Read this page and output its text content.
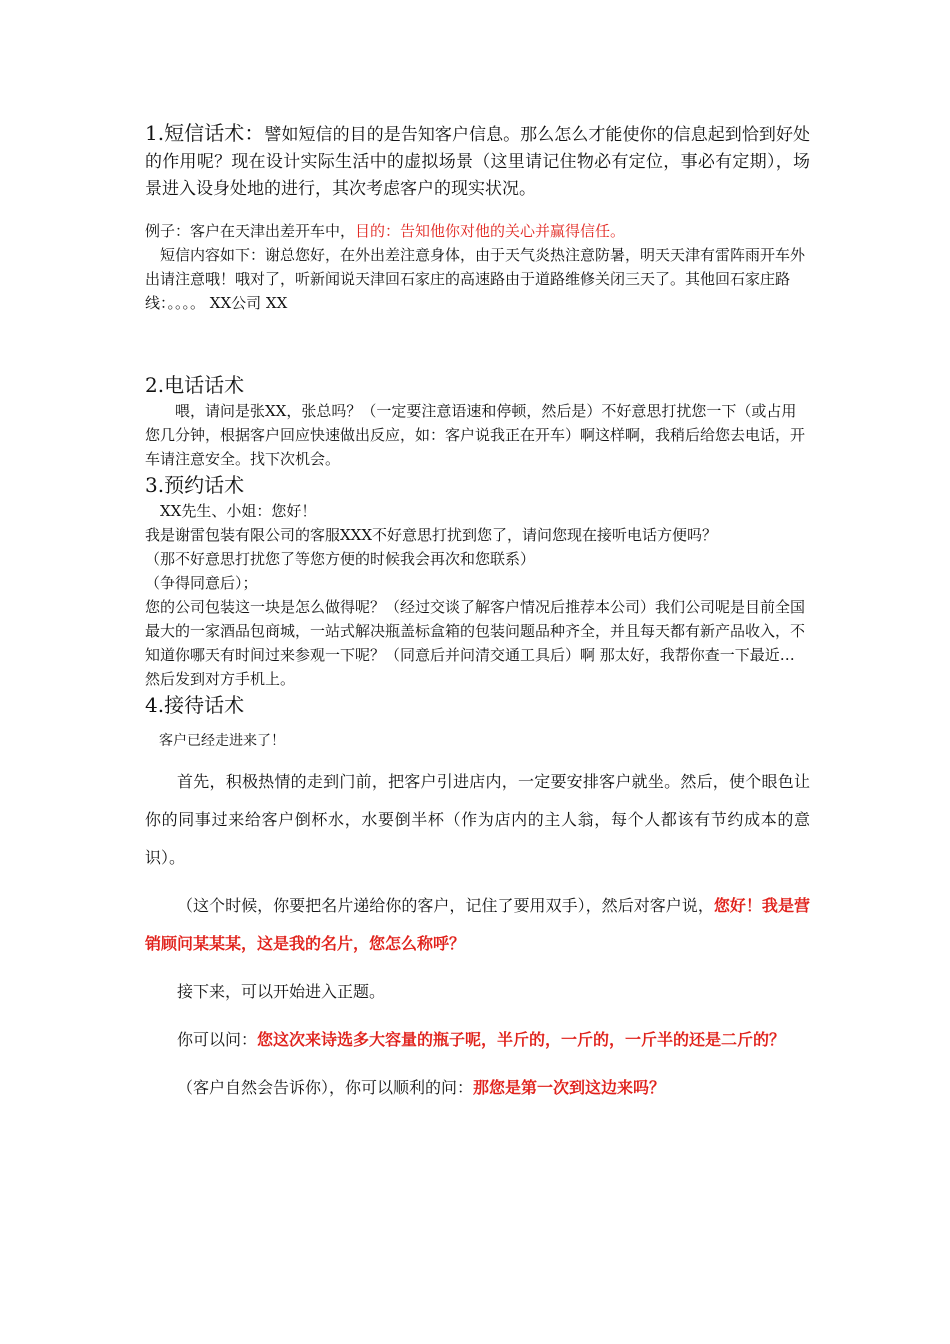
1.短信话术：譬如短信的目的是告知客户信息。那么怎么才能使你的信息起到恰到好处的作用呢？现在设计实际生活中的虚拟场景（这里请记住物必有定位，事必有定期），场景进入设身处地的进行，其次考虑客户的现实状况。

例子：客户在天津出差开车中，目的：告知他你对他的关心并赢得信任。

短信内容如下：谢总您好，在外出差注意身体，由于天气炎热注意防暑，明天天津有雷阵雨开车外出请注意哦！哦对了，听新闻说天津回石家庄的高速路由于道路维修关闭三天了。其他回石家庄路线：。。。。 XX公司 XX

2.电话话术

喂，请问是张XX，张总吗？（一定要注意语速和停顿，然后是）不好意思打扰您一下（或占用您几分钟，根据客户回应快速做出反应，如：客户说我正在开车）啊这样啊，我稍后给您去电话，开车请注意安全。找下次机会。

3.预约话术

XX先生、小姐：您好！

我是谢雷包装有限公司的客服XXX不好意思打扰到您了，请问您现在接听电话方便吗？

（那不好意思打扰您了等您方便的时候我会再次和您联系）

（争得同意后）；

您的公司包装这一块是怎么做得呢？（经过交谈了解客户情况后推荐本公司）我们公司呢是目前全国最大的一家酒品包商城，一站式解决瓶盖标盒箱的包装问题品种齐全，并且每天都有新产品收入，不知道你哪天有时间过来参观一下呢？（同意后并问清交通工具后）啊 那太好，我帮你查一下最近… 然后发到对方手机上。

4.接待话术

客户已经走进来了！

首先，积极热情的走到门前，把客户引进店内，一定要安排客户就坐。然后，使个眼色让你的同事过来给客户倒杯水，水要倒半杯（作为店内的主人翁，每个人都该有节约成本的意识）。

（这个时候，你要把名片递给你的客户，记住了要用双手），然后对客户说，您好！我是营销顾问某某某，这是我的名片，您怎么称呼？

接下来，可以开始进入正题。

你可以问：您这次来诗选多大容量的瓶子呢，半斤的，一斤的，一斤半的还是二斤的？

（客户自然会告诉你），你可以顺利的问：那您是第一次到这边来吗？
